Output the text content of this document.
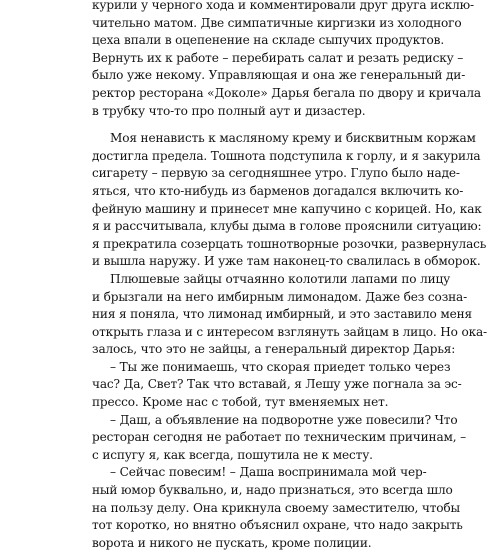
курили у черного хода и комментировали друг друга исклю-
чительно матом. Две симпатичные киргизки из холодного
цеха впали в оцепенение на складе сыпучих продуктов.
Вернуть их к работе – перебирать салат и резать редиску –
было уже некому. Управляющая и она же генеральный ди-
ректор ресторана «Доколе» Дарья бегала по двору и кричала
в трубку что-то про полный аут и дизастер.
Моя ненависть к масляному крему и бисквитным коржам
достигла предела. Тошнота подступила к горлу, и я закурила
сигарету – первую за сегодняшнее утро. Глупо было наде-
яться, что кто-нибудь из барменов догадался включить ко-
фейную машину и принесет мне капучино с корицей. Но, как
я и рассчитывала, клубы дыма в голове прояснили ситуацию:
я прекратила созерцать тошнотворные розочки, развернулась
и вышла наружу. И уже там наконец-то свалилась в обморок.
Плюшевые зайцы отчаянно колотили лапами по лицу
и брызгали на него имбирным лимонадом. Даже без созна-
ния я поняла, что лимонад имбирный, и это заставило меня
открыть глаза и с интересом взглянуть зайцам в лицо. Но ока-
залось, что это не зайцы, а генеральный директор Дарья:
– Ты же понимаешь, что скорая приедет только через
час? Да, Свет? Так что вставай, я Лешу уже погнала за эс-
прессо. Кроме нас с тобой, тут вменяемых нет.
– Даш, а объявление на подворотне уже повесили? Что
ресторан сегодня не работает по техническим причинам, –
с испугу я, как всегда, пошутила не к месту.
– Сейчас повесим! – Даша воспринимала мой чер-
ный юмор буквально, и, надо признаться, это всегда шло
на пользу делу. Она крикнула своему заместителю, чтобы
тот коротко, но внятно объяснил охране, что надо закрыть
ворота и никого не пускать, кроме полиции.
